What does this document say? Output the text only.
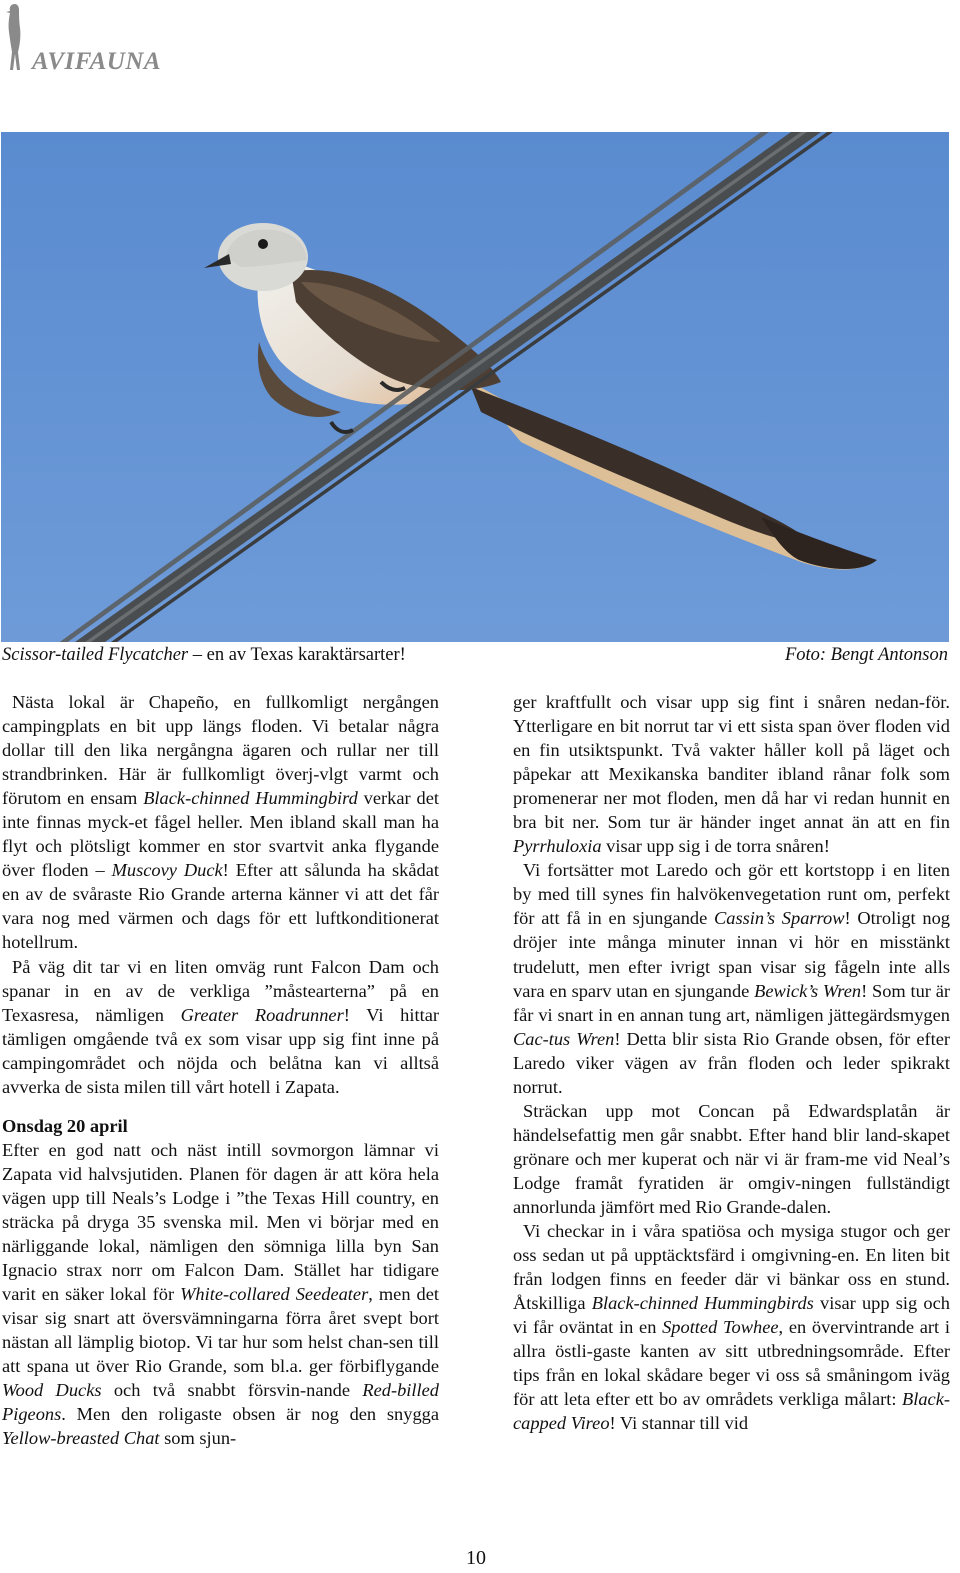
AVIFAUNA
Scissor-tailed Flycatcher – en av Texas karaktärsarter!	Foto: Bengt Antonson

Nästa lokal är Chapeño, en fullkomligt nergången campingplats en bit upp längs floden. Vi betalar några dollar till den lika nergångna ägaren och rullar ner till strandbrinken. Här är fullkomligt överj-vlgt varmt och förutom en ensam Black-chinned Hummingbird verkar det inte finnas myck-et fågel heller. Men ibland skall man ha flyt och plötsligt kommer en stor svartvit anka flygande över floden – Muscovy Duck! Efter att sålunda ha skådat en av de svåraste Rio Grande arterna känner vi att det får vara nog med värmen och dags för ett luftkonditionerat hotellrum.

På väg dit tar vi en liten omväg runt Falcon Dam och spanar in en av de verkliga ”måstearterna” på en Texasresa, nämligen Greater Roadrunner! Vi hittar tämligen omgående två ex som visar upp sig fint inne på campingområdet och nöjda och belåtna kan vi alltså avverka de sista milen till vårt hotell i Zapata.

Onsdag 20 april

Efter en god natt och näst intill sovmorgon lämnar vi Zapata vid halvsjutiden. Planen för dagen är att köra hela vägen upp till Neals’s Lodge i ”the Texas Hill country, en sträcka på dryga 35 svenska mil. Men vi börjar med en närliggande lokal, nämligen den sömniga lilla byn San Ignacio strax norr om Falcon Dam. Stället har tidigare varit en säker lokal för White-collared Seedeater, men det visar sig snart att översvämningarna förra året svept bort nästan all lämplig biotop. Vi tar hur som helst chan-sen till att spana ut över Rio Grande, som bl.a. ger förbiflygande Wood Ducks och två snabbt försvin-nande Red-billed Pigeons. Men den roligaste obsen är nog den snygga Yellow-breasted Chat som sjun-

ger kraftfullt och visar upp sig fint i snåren nedan-för. Ytterligare en bit norrut tar vi ett sista span över floden vid en fin utsiktspunkt. Två vakter håller koll på läget och påpekar att Mexikanska banditer ibland rånar folk som promenerar ner mot floden, men då har vi redan hunnit en bra bit ner. Som tur är händer inget annat än att en fin Pyrrhuloxia visar upp sig i de torra snåren!

Vi fortsätter mot Laredo och gör ett kortstopp i en liten by med till synes fin halvökenvegetation runt om, perfekt för att få in en sjungande Cassin’s Sparrow! Otroligt nog dröjer inte många minuter innan vi hör en misstänkt trudelutt, men efter ivrigt span visar sig fågeln inte alls vara en sparv utan en sjungande Bewick’s Wren! Som tur är får vi snart in en annan tung art, nämligen jättegärdsmygen Cac-tus Wren! Detta blir sista Rio Grande obsen, för efter Laredo viker vägen av från floden och leder spikrakt norrut.

Sträckan upp mot Concan på Edwardsplatån är händelsefattig men går snabbt. Efter hand blir land-skapet grönare och mer kuperat och när vi är fram-me vid Neal’s Lodge framåt fyratiden är omgiv-ningen fullständigt annorlunda jämfört med Rio Grande-dalen.

Vi checkar in i våra spatiösa och mysiga stugor och ger oss sedan ut på upptäcktsfärd i omgivning-en. En liten bit från lodgen finns en feeder där vi bänkar oss en stund. Åtskilliga Black-chinned Hummingbirds visar upp sig och vi får oväntat in en Spotted Towhee, en övervintrande art i allra östli-gaste kanten av sitt utbredningsområde. Efter tips från en lokal skådare beger vi oss så småningom iväg för att leta efter ett bo av områdets verkliga målart: Black-capped Vireo! Vi stannar till vid

10
